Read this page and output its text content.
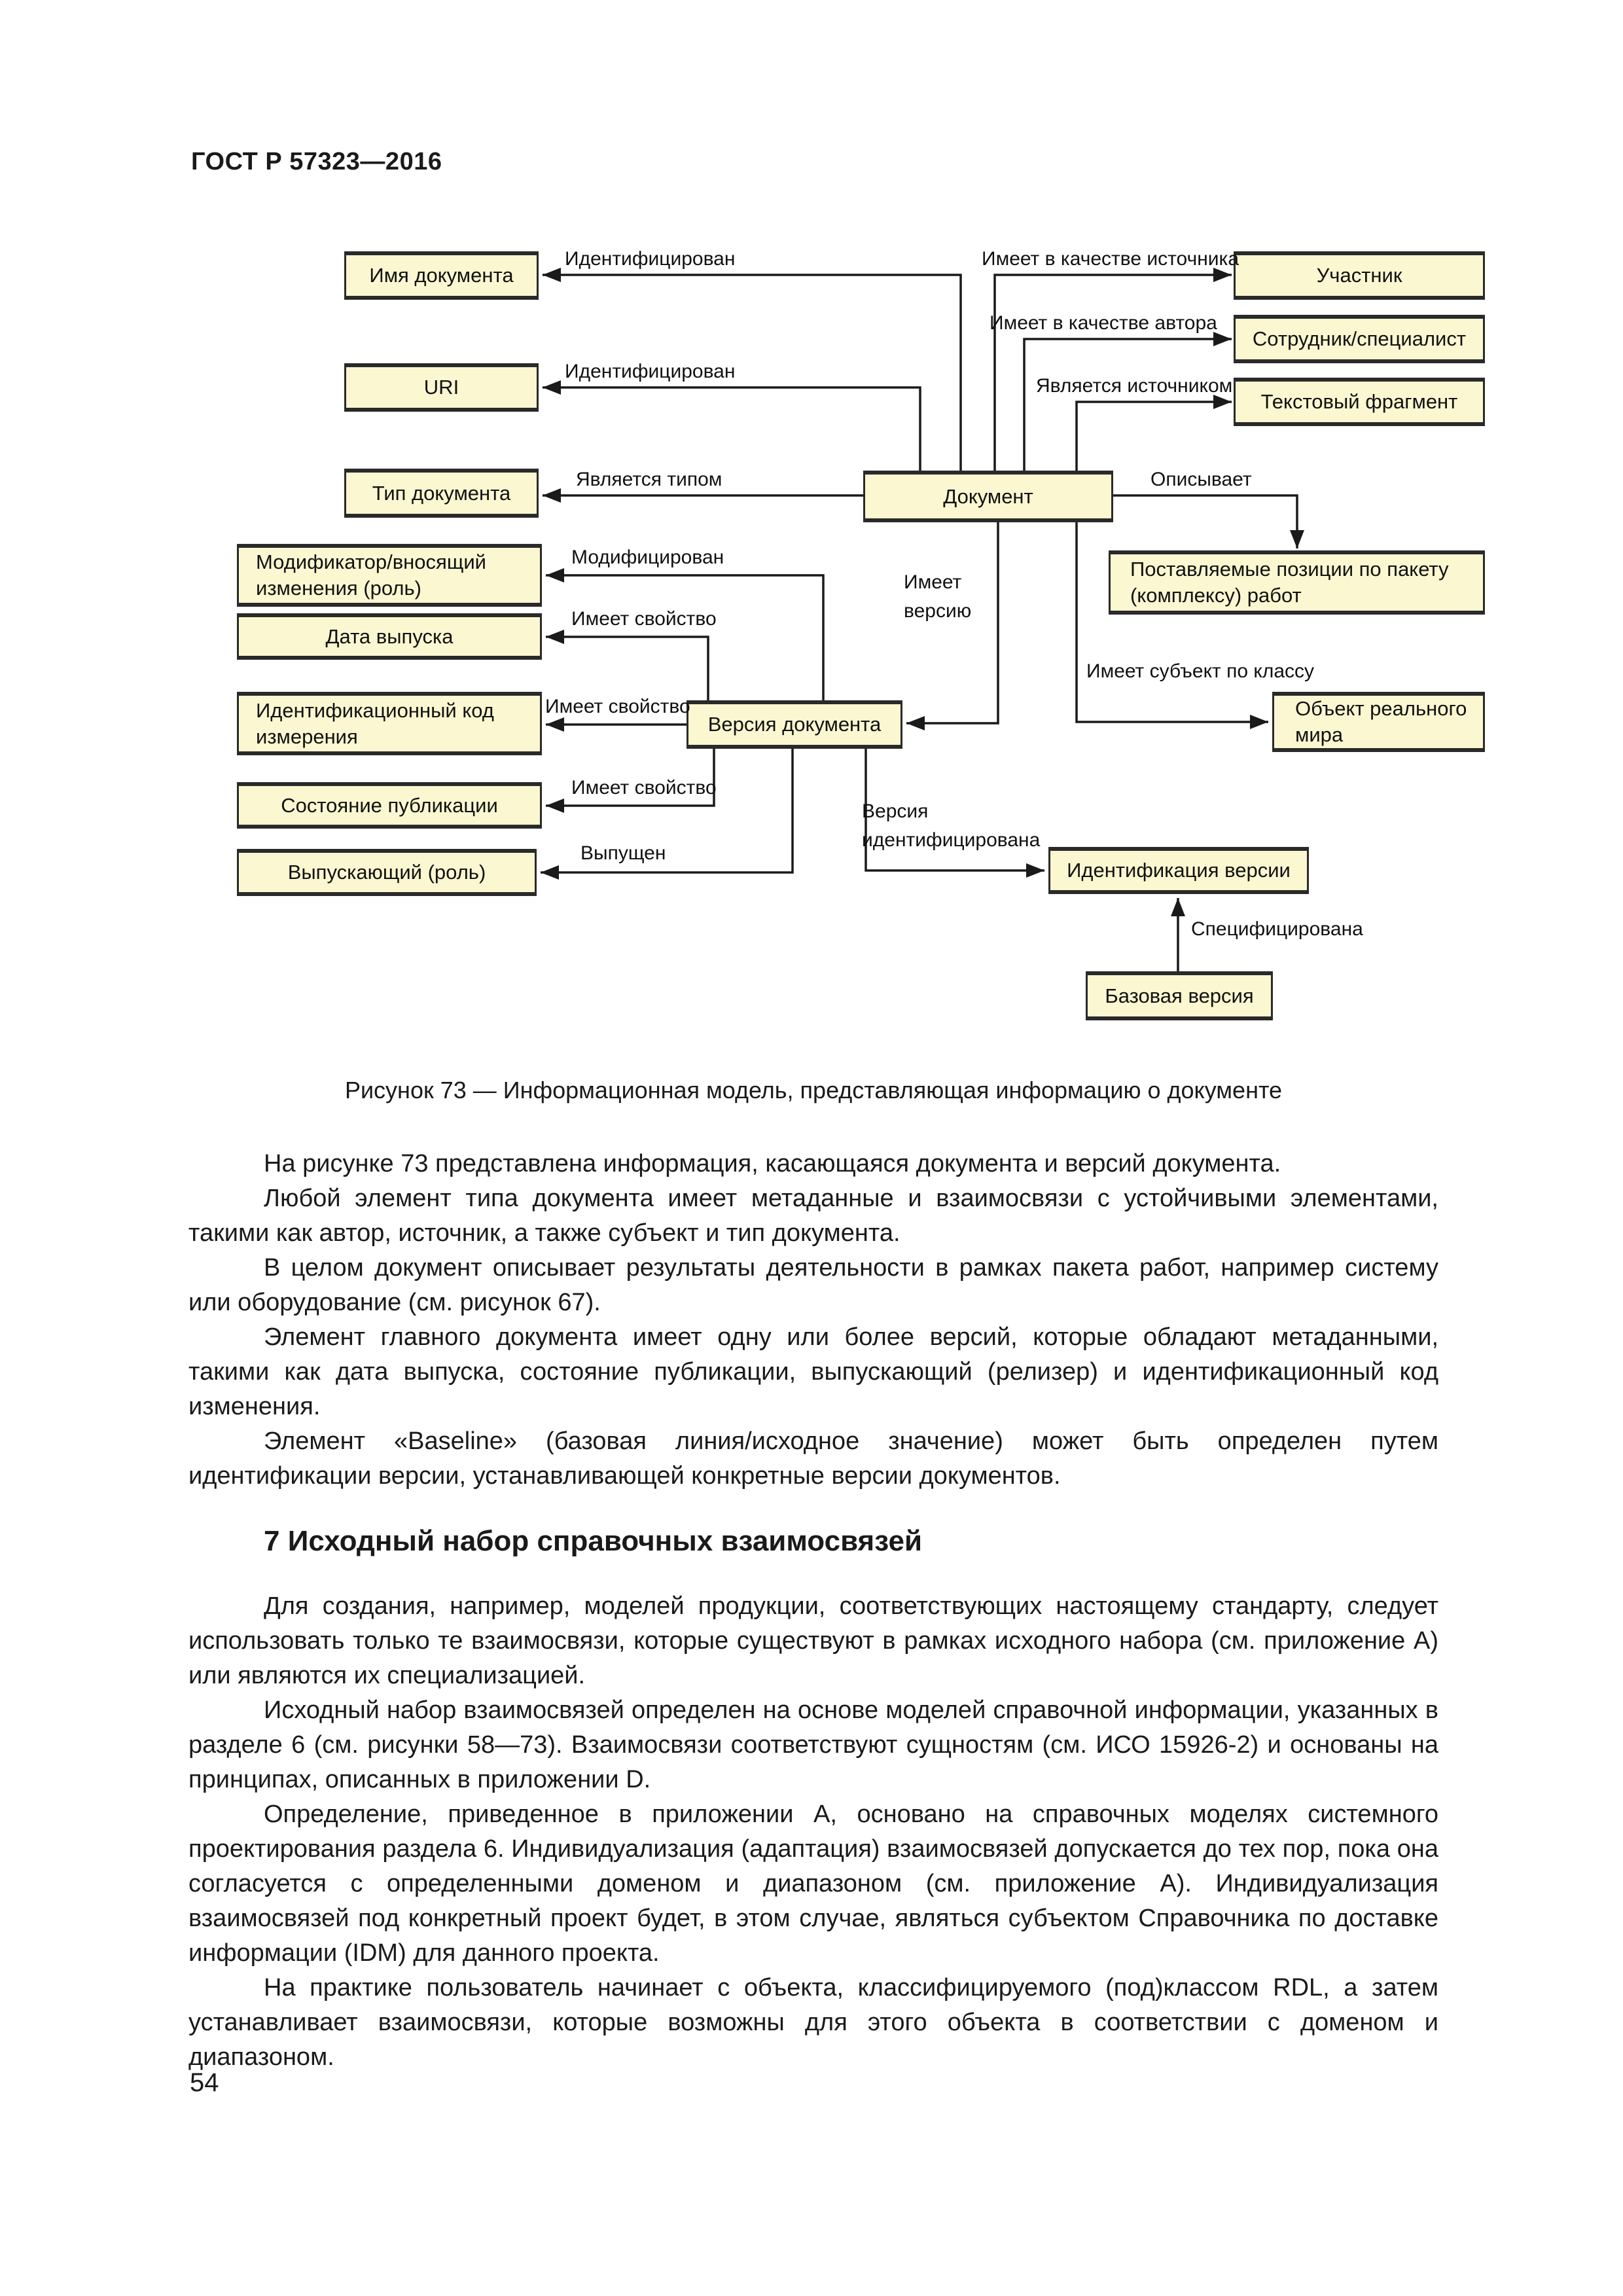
ГОСТ Р 57323—2016
Имя документа
URI
Тип документа
Модификатор/вносящий изменения (роль)
Дата выпуска
Идентификационный код измерения
Состояние публикации
Выпускающий (роль)
Документ
Версия документа
Участник
Сотрудник/специалист
Текстовый фрагмент
Поставляемые позиции по пакету (комплексу) работ
Объект реального мира
Идентификация версии
Базовая версия
Идентифицирован	Имеет в качестве источника
Имеет в качестве автора
Является источником
Идентифицирован
Является типом	Описывает
Модифицирован
Имеет свойство
Имеет свойство
Имеет свойство
Выпущен
Имеет
версию
Имеет субъект по классу
Версия
идентифицирована
Специфицирована
Рисунок 73 — Информационная модель, представляющая информацию о документе

На рисунке 73 представлена информация, касающаяся документа и версий документа.

Любой элемент типа документа имеет метаданные и взаимосвязи с устойчивыми элементами, такими как автор, источник, а также субъект и тип документа.

В целом документ описывает результаты деятельности в рамках пакета работ, например систему или оборудование (см. рисунок 67).

Элемент главного документа имеет одну или более версий, которые обладают метаданными, такими как дата выпуска, состояние публикации, выпускающий (релизер) и идентификационный код изменения.

Элемент «Baseline» (базовая линия/исходное значение) может быть определен путем идентификации версии, устанавливающей конкретные версии документов.

7 Исходный набор справочных взаимосвязей

Для создания, например, моделей продукции, соответствующих настоящему стандарту, следует использовать только те взаимосвязи, которые существуют в рамках исходного набора (см. приложение А) или являются их специализацией.

Исходный набор взаимосвязей определен на основе моделей справочной информации, указанных в разделе 6 (см. рисунки 58—73). Взаимосвязи соответствуют сущностям (см. ИСО 15926-2) и основаны на принципах, описанных в приложении D.

Определение, приведенное в приложении А, основано на справочных моделях системного проектирования раздела 6. Индивидуализация (адаптация) взаимосвязей допускается до тех пор, пока она согласуется с определенными доменом и диапазоном (см. приложение А). Индивидуализация взаимосвязей под конкретный проект будет, в этом случае, являться субъектом Справочника по доставке информации (IDM) для данного проекта.

На практике пользователь начинает с объекта, классифицируемого (под)классом RDL, а затем устанавливает взаимосвязи, которые возможны для этого объекта в соответствии с доменом и диапазоном.

54
